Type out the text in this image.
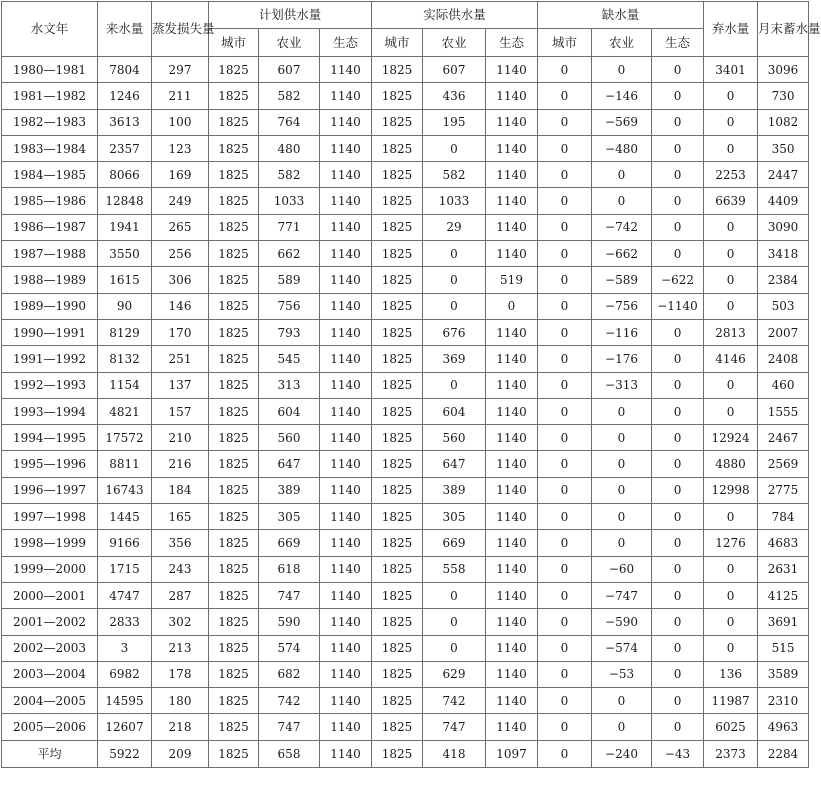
水文年	来水量	蒸发损失量	计划供水量			实际供水量			缺水量			弃水量	月末蓄水量
			城市	农业	生态	城市	农业	生态	城市	农业	生态		
1980—1981	7804	297	1825	607	1140	1825	607	1140	0	0	0	3401	3096
1981—1982	1246	211	1825	582	1140	1825	436	1140	0	−146	0	0	730
1982—1983	3613	100	1825	764	1140	1825	195	1140	0	−569	0	0	1082
1983—1984	2357	123	1825	480	1140	1825	0	1140	0	−480	0	0	350
1984—1985	8066	169	1825	582	1140	1825	582	1140	0	0	0	2253	2447
1985—1986	12848	249	1825	1033	1140	1825	1033	1140	0	0	0	6639	4409
1986—1987	1941	265	1825	771	1140	1825	29	1140	0	−742	0	0	3090
1987—1988	3550	256	1825	662	1140	1825	0	1140	0	−662	0	0	3418
1988—1989	1615	306	1825	589	1140	1825	0	519	0	−589	−622	0	2384
1989—1990	90	146	1825	756	1140	1825	0	0	0	−756	−1140	0	503
1990—1991	8129	170	1825	793	1140	1825	676	1140	0	−116	0	2813	2007
1991—1992	8132	251	1825	545	1140	1825	369	1140	0	−176	0	4146	2408
1992—1993	1154	137	1825	313	1140	1825	0	1140	0	−313	0	0	460
1993—1994	4821	157	1825	604	1140	1825	604	1140	0	0	0	0	1555
1994—1995	17572	210	1825	560	1140	1825	560	1140	0	0	0	12924	2467
1995—1996	8811	216	1825	647	1140	1825	647	1140	0	0	0	4880	2569
1996—1997	16743	184	1825	389	1140	1825	389	1140	0	0	0	12998	2775
1997—1998	1445	165	1825	305	1140	1825	305	1140	0	0	0	0	784
1998—1999	9166	356	1825	669	1140	1825	669	1140	0	0	0	1276	4683
1999—2000	1715	243	1825	618	1140	1825	558	1140	0	−60	0	0	2631
2000—2001	4747	287	1825	747	1140	1825	0	1140	0	−747	0	0	4125
2001—2002	2833	302	1825	590	1140	1825	0	1140	0	−590	0	0	3691
2002—2003	3	213	1825	574	1140	1825	0	1140	0	−574	0	0	515
2003—2004	6982	178	1825	682	1140	1825	629	1140	0	−53	0	136	3589
2004—2005	14595	180	1825	742	1140	1825	742	1140	0	0	0	11987	2310
2005—2006	12607	218	1825	747	1140	1825	747	1140	0	0	0	6025	4963
平均	5922	209	1825	658	1140	1825	418	1097	0	−240	−43	2373	2284
